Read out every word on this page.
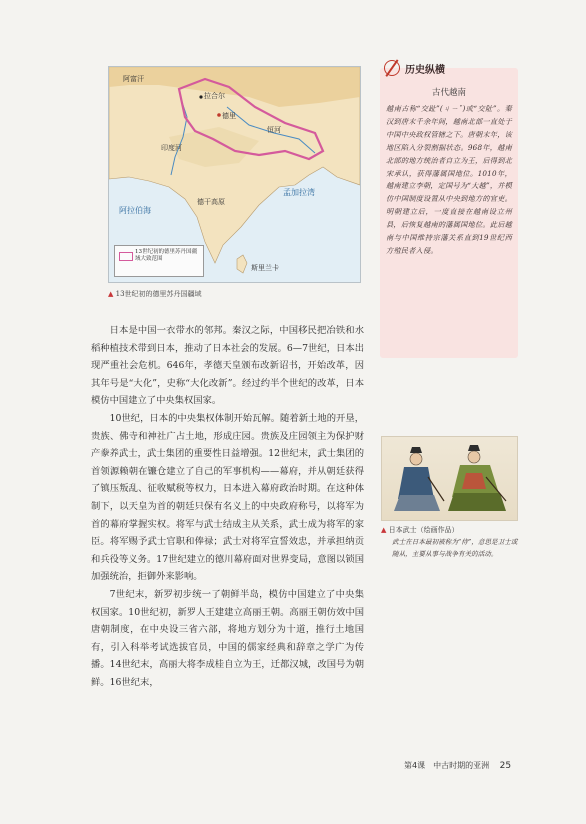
阿富汗
拉合尔
德里
恒河
印度河
孟加拉湾
阿拉伯海
德干高原
斯里兰卡
13世纪初的德里苏丹国疆域大致范围
▲ 13世纪初的德里苏丹国疆域
历史纵横
古代越南
越南古称“交趾”(ㄐㄧˇ)或“交阯”。秦汉到唐末千余年间，越南北部一直处于中国中央政权管辖之下。唐朝末年，该地区陷入分裂割据状态。968年，越南北部的地方统治者自立为王，后得到北宋承认，获得藩属国地位。1010年，越南建立李朝，定国号为“大越”，并模仿中国制度设置从中央到地方的官吏。明朝建立后，一度直接在越南设立州县，后恢复越南的藩属国地位。此后越南与中国维持宗藩关系直到19世纪西方殖民者入侵。
▲ 日本武士（绘画作品）
武士在日本最初被称为“侍”，意思是卫士或随从，主要从事与战争有关的活动。

日本是中国一衣带水的邻邦。秦汉之际，中国移民把冶铁和水稻种植技术带到日本，推动了日本社会的发展。6—7世纪，日本出现严重社会危机。646年，孝德天皇颁布改新诏书，开始改革，因其年号是“大化”，史称“大化改新”。经过约半个世纪的改革，日本模仿中国建立了中央集权国家。

10世纪，日本的中央集权体制开始瓦解。随着新土地的开垦，贵族、佛寺和神社广占土地，形成庄园。贵族及庄园领主为保护财产豢养武士，武士集团的重要性日益增强。12世纪末，武士集团的首领源赖朝在镰仓建立了自己的军事机构——幕府，并从朝廷获得了镇压叛乱、征收赋税等权力，日本进入幕府政治时期。在这种体制下，以天皇为首的朝廷只保有名义上的中央政府称号，以将军为首的幕府掌握实权。将军与武士结成主从关系，武士成为将军的家臣。将军赐予武士官职和俸禄；武士对将军宣誓效忠，并承担纳贡和兵役等义务。17世纪建立的德川幕府面对世界变局，意图以锁国加强统治，拒御外来影响。

7世纪末，新罗初步统一了朝鲜半岛，模仿中国建立了中央集权国家。10世纪初，新罗人王建建立高丽王朝。高丽王朝仿效中国唐朝制度，在中央设三省六部，将地方划分为十道，推行土地国有，引入科举考试选拔官员，中国的儒家经典和辞章之学广为传播。14世纪末，高丽大将李成桂自立为王，迁都汉城，改国号为朝鲜。16世纪末，

第4课　中古时期的亚洲 25
